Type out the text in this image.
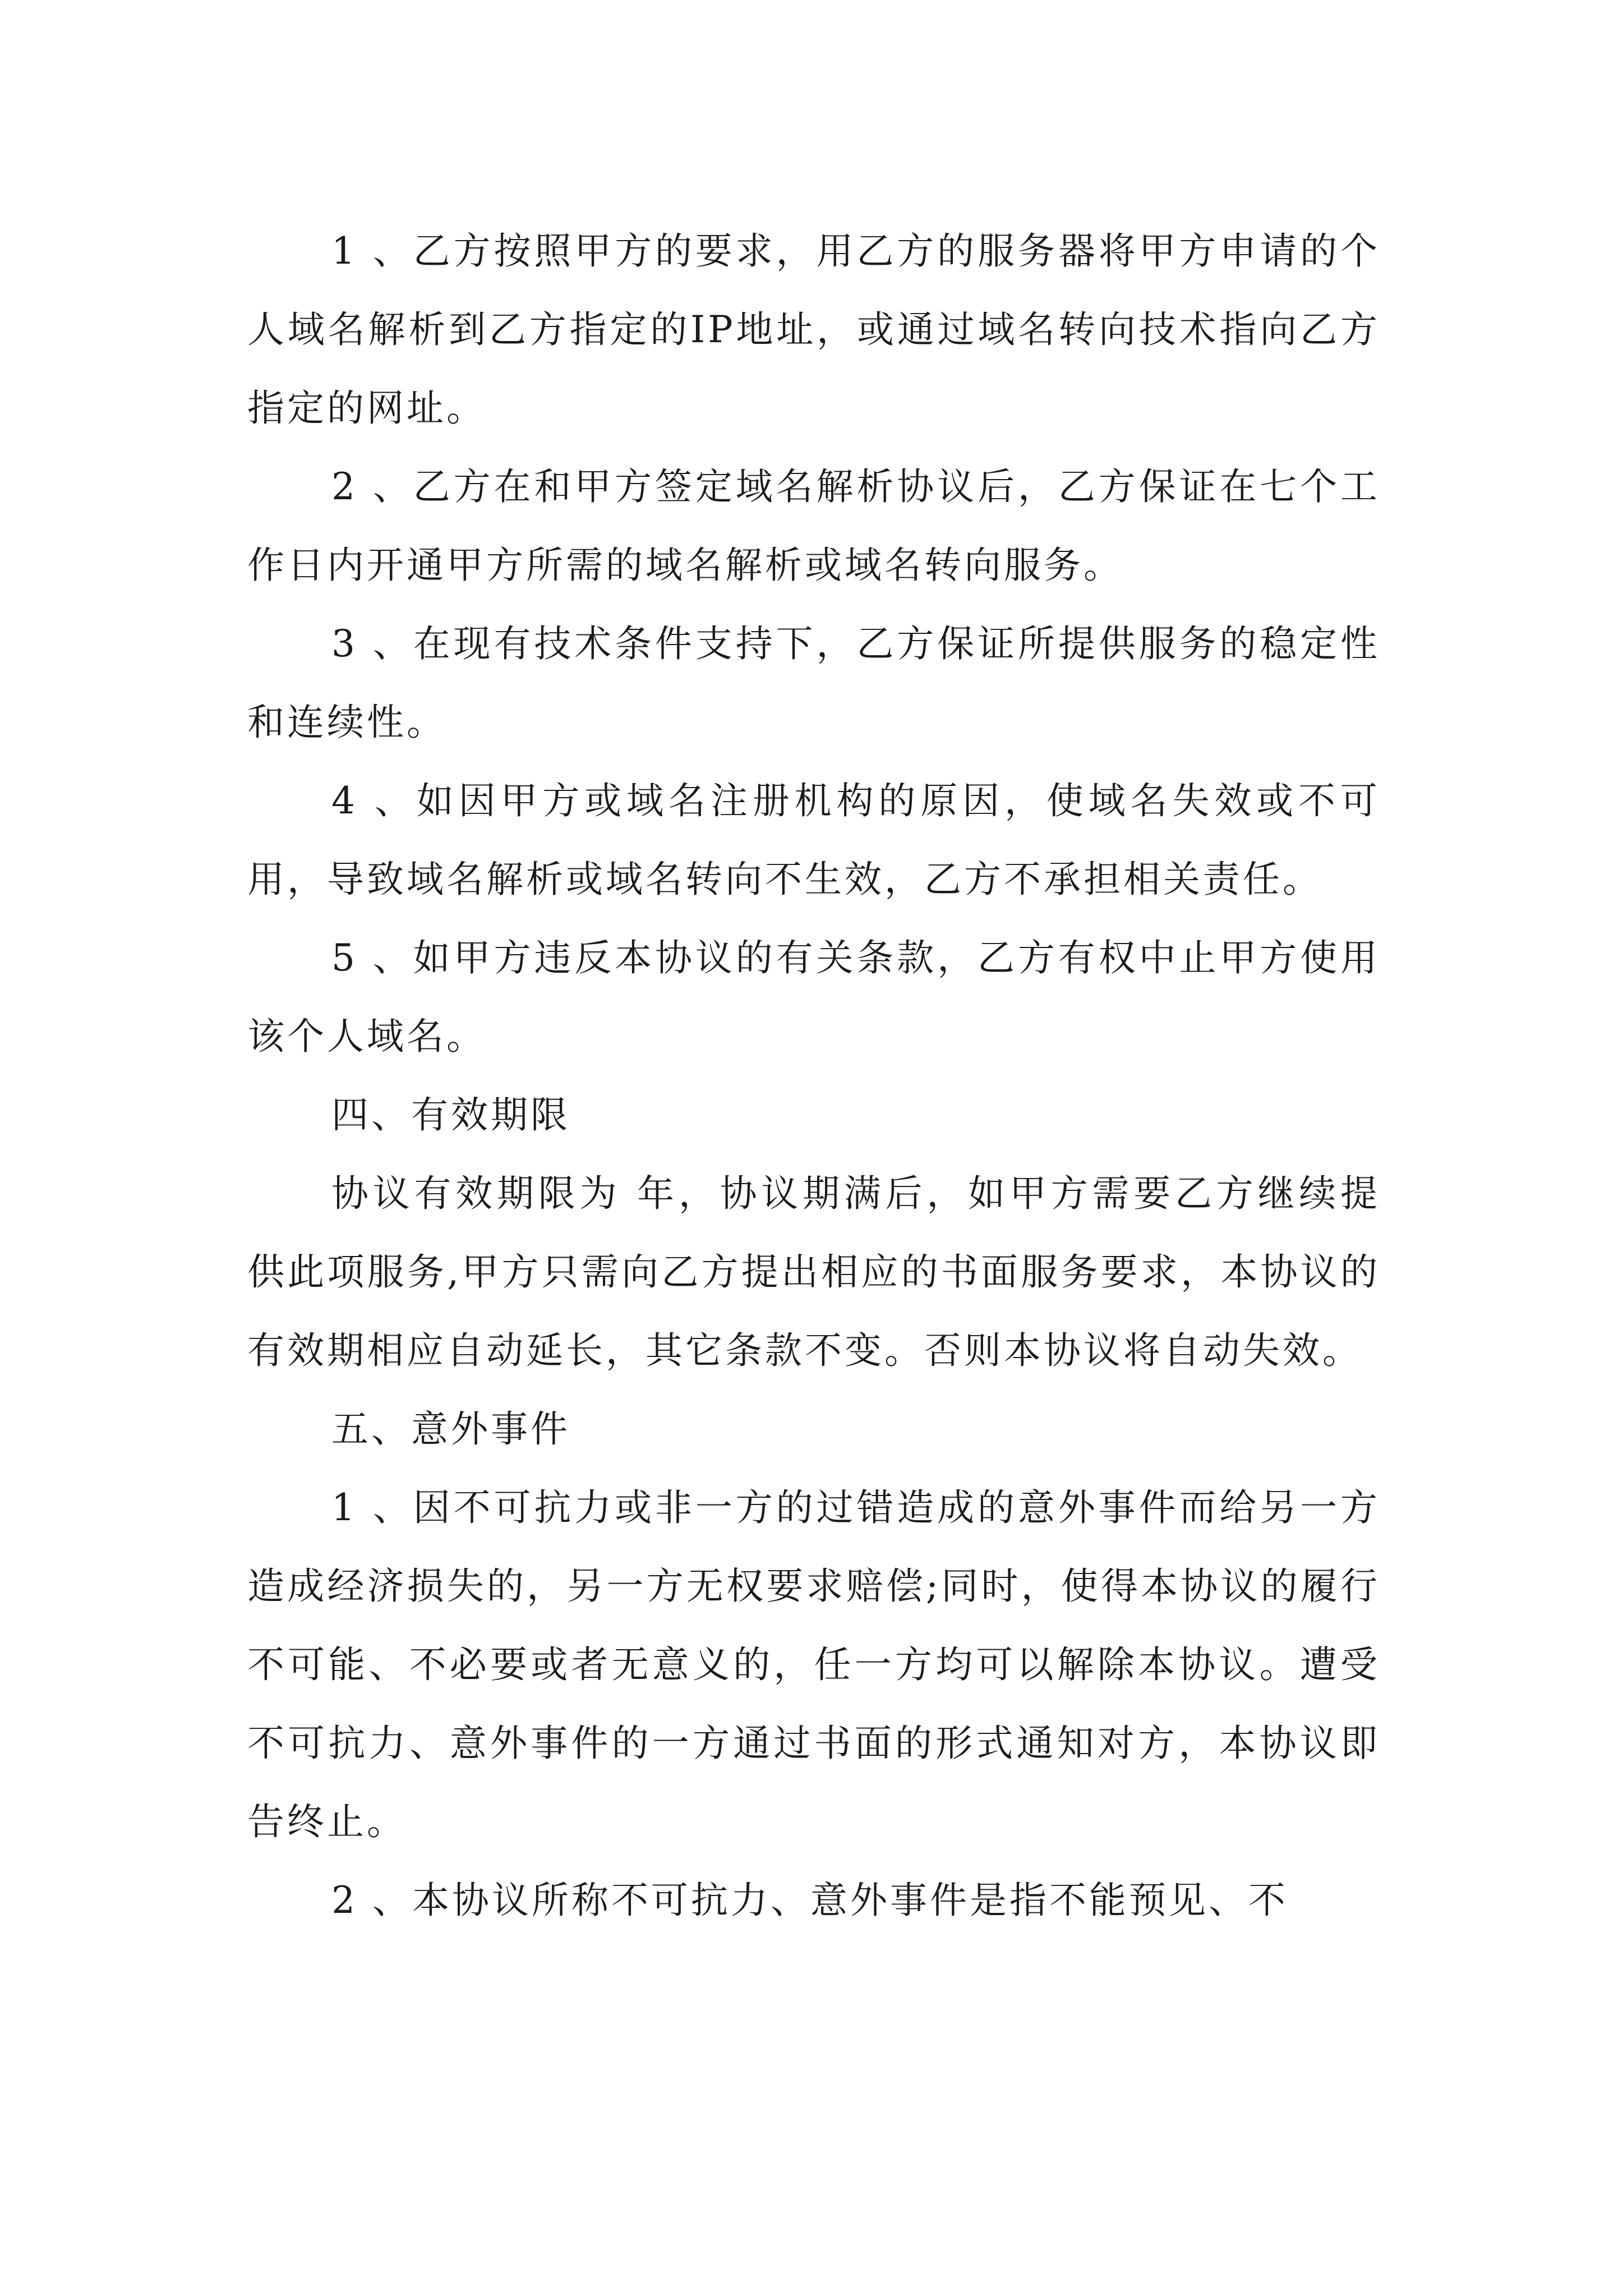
1 、乙方按照甲方的要求，用乙方的服务器将甲方申请的个人域名解析到乙方指定的IP地址，或通过域名转向技术指向乙方指定的网址。

2 、乙方在和甲方签定域名解析协议后，乙方保证在七个工作日内开通甲方所需的域名解析或域名转向服务。

3 、在现有技术条件支持下，乙方保证所提供服务的稳定性和连续性。

4 、如因甲方或域名注册机构的原因，使域名失效或不可用，导致域名解析或域名转向不生效，乙方不承担相关责任。

5 、如甲方违反本协议的有关条款，乙方有权中止甲方使用该个人域名。

四、有效期限

协议有效期限为 年，协议期满后，如甲方需要乙方继续提供此项服务,甲方只需向乙方提出相应的书面服务要求，本协议的有效期相应自动延长，其它条款不变。否则本协议将自动失效。

五、意外事件

1 、因不可抗力或非一方的过错造成的意外事件而给另一方造成经济损失的，另一方无权要求赔偿;同时，使得本协议的履行不可能、不必要或者无意义的，任一方均可以解除本协议。遭受不可抗力、意外事件的一方通过书面的形式通知对方，本协议即告终止。

2 、本协议所称不可抗力、意外事件是指不能预见、不
